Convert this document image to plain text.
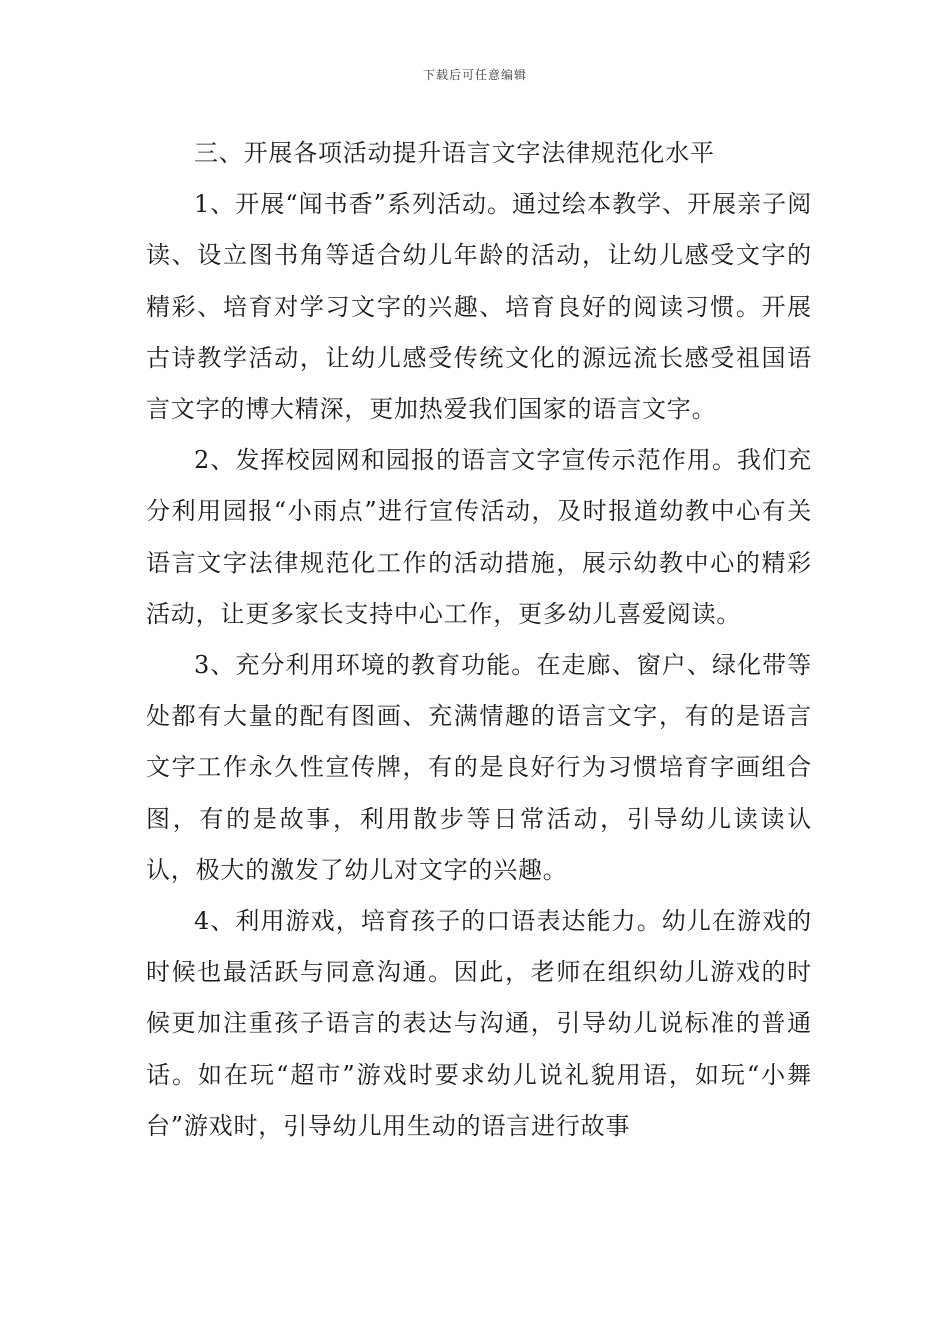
下载后可任意编辑

三、开展各项活动提升语言文字法律规范化水平

1、开展“闻书香”系列活动。通过绘本教学、开展亲子阅读、设立图书角等适合幼儿年龄的活动，让幼儿感受文字的精彩、培育对学习文字的兴趣、培育良好的阅读习惯。开展古诗教学活动，让幼儿感受传统文化的源远流长感受祖国语言文字的博大精深，更加热爱我们国家的语言文字。

2、发挥校园网和园报的语言文字宣传示范作用。我们充分利用园报“小雨点”进行宣传活动，及时报道幼教中心有关语言文字法律规范化工作的活动措施，展示幼教中心的精彩活动，让更多家长支持中心工作，更多幼儿喜爱阅读。

3、充分利用环境的教育功能。在走廊、窗户、绿化带等处都有大量的配有图画、充满情趣的语言文字，有的是语言文字工作永久性宣传牌，有的是良好行为习惯培育字画组合图，有的是故事，利用散步等日常活动，引导幼儿读读认认，极大的激发了幼儿对文字的兴趣。

4、利用游戏，培育孩子的口语表达能力。幼儿在游戏的时候也最活跃与同意沟通。因此，老师在组织幼儿游戏的时候更加注重孩子语言的表达与沟通，引导幼儿说标准的普通话。如在玩“超市”游戏时要求幼儿说礼貌用语，如玩“小舞台”游戏时，引导幼儿用生动的语言进行故事
